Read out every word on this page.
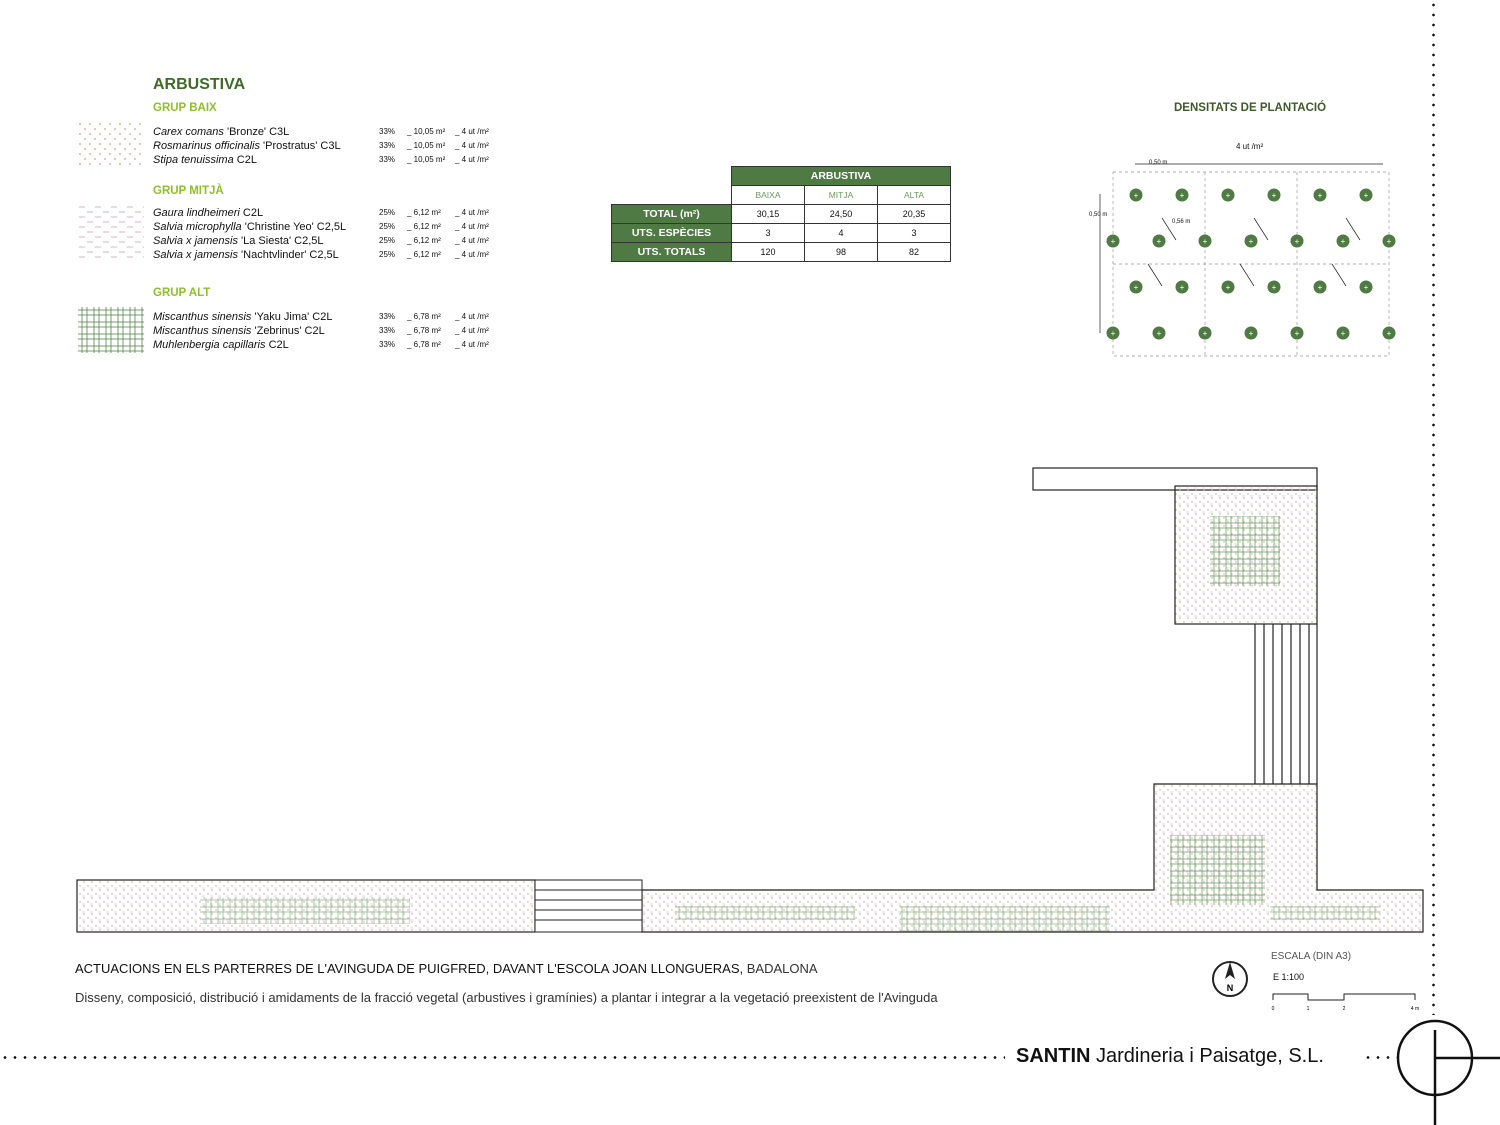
ARBUSTIVA
GRUP BAIX
Carex comans 'Bronze' C3L	33% _ 10,05 m² _ 4 ut /m²
Rosmarinus officinalis 'Prostratus' C3L	33% _ 10,05 m² _ 4 ut /m²
Stipa tenuissima C2L	33% _ 10,05 m² _ 4 ut /m²
GRUP MITJÀ
Gaura lindheimeri C2L	25% _ 6,12 m² _ 4 ut /m²
Salvia microphylla 'Christine Yeo' C2,5L	25% _ 6,12 m² _ 4 ut /m²
Salvia x jamensis 'La Siesta' C2,5L	25% _ 6,12 m² _ 4 ut /m²
Salvia x jamensis 'Nachtvlinder' C2,5L	25% _ 6,12 m² _ 4 ut /m²
GRUP ALT
Miscanthus sinensis 'Yaku Jima' C2L	33% _ 6,78 m² _ 4 ut /m²
Miscanthus sinensis 'Zebrinus' C2L	33% _ 6,78 m² _ 4 ut /m²
Muhlenbergia capillaris C2L	33% _ 6,78 m² _ 4 ut /m²
	ARBUSTIVA		
	BAIXA	MITJA	ALTA
TOTAL (m²)	30,15	24,50	20,35
UTS. ESPÈCIES	3	4	3
UTS. TOTALS	120	98	82
DENSITATS DE PLANTACIÓ
4 ut /m²
0,50 m
0,50 m
0,56 m
+	+	+	+	+	+
+	+	+	+	+	+	+
+	+	+	+	+	+
+	+	+	+	+	+	+
ACTUACIONS EN ELS PARTERRES DE L'AVINGUDA DE PUIGFRED, DAVANT L'ESCOLA JOAN LLONGUERAS, BADALONA
Disseny, composició, distribució i amidaments de la fracció vegetal (arbustives i gramínies) a plantar i integrar a la vegetació preexistent de l'Avinguda
N
ESCALA (DIN A3)
E 1:100
0	1	2	4 m
SANTIN Jardineria i Paisatge, S.L.
